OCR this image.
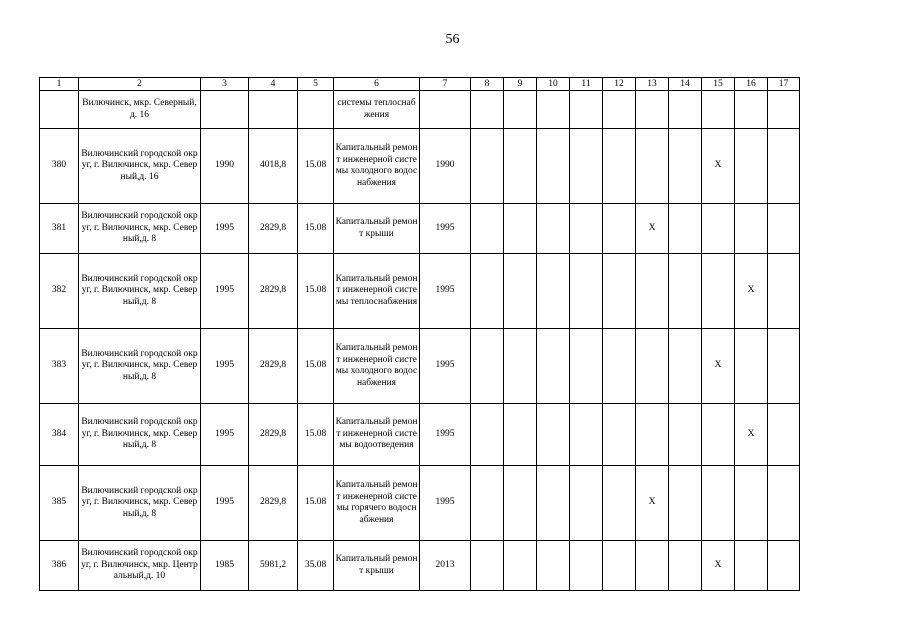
56
1	2	3	4	5	6	7	8	9	10	11	12	13	14	15	16	17
	Вилючинск, мкр. Северный,д. 16				системы теплоснабжения											
380	Вилючинский городской округ, г. Вилючинск, мкр. Северный,д. 16	1990	4018,8	15.08	Капитальный ремонт инженерной системы холодного водоснабжения	1990								X		
381	Вилючинский городской округ, г. Вилючинск, мкр. Северный,д. 8	1995	2829,8	15.08	Капитальный ремонт крыши	1995						X				
382	Вилючинский городской округ, г. Вилючинск, мкр. Северный,д. 8	1995	2829,8	15.08	Капитальный ремонт инженерной системы теплоснабжения	1995									X	
383	Вилючинский городской округ, г. Вилючинск, мкр. Северный,д. 8	1995	2829,8	15.08	Капитальный ремонт инженерной системы холодного водоснабжения	1995								X		
384	Вилючинский городской округ, г. Вилючинск, мкр. Северный,д. 8	1995	2829,8	15.08	Капитальный ремонт инженерной системы водоотведения	1995									X	
385	Вилючинский городской округ, г. Вилючинск, мкр. Северный,д. 8	1995	2829,8	15.08	Капитальный ремонт инженерной системы горячего водоснабжения	1995						X				
386	Вилючинский городской округ, г. Вилючинск, мкр. Центральный,д. 10	1985	5981,2	35.08	Капитальный ремонт крыши	2013								X		
